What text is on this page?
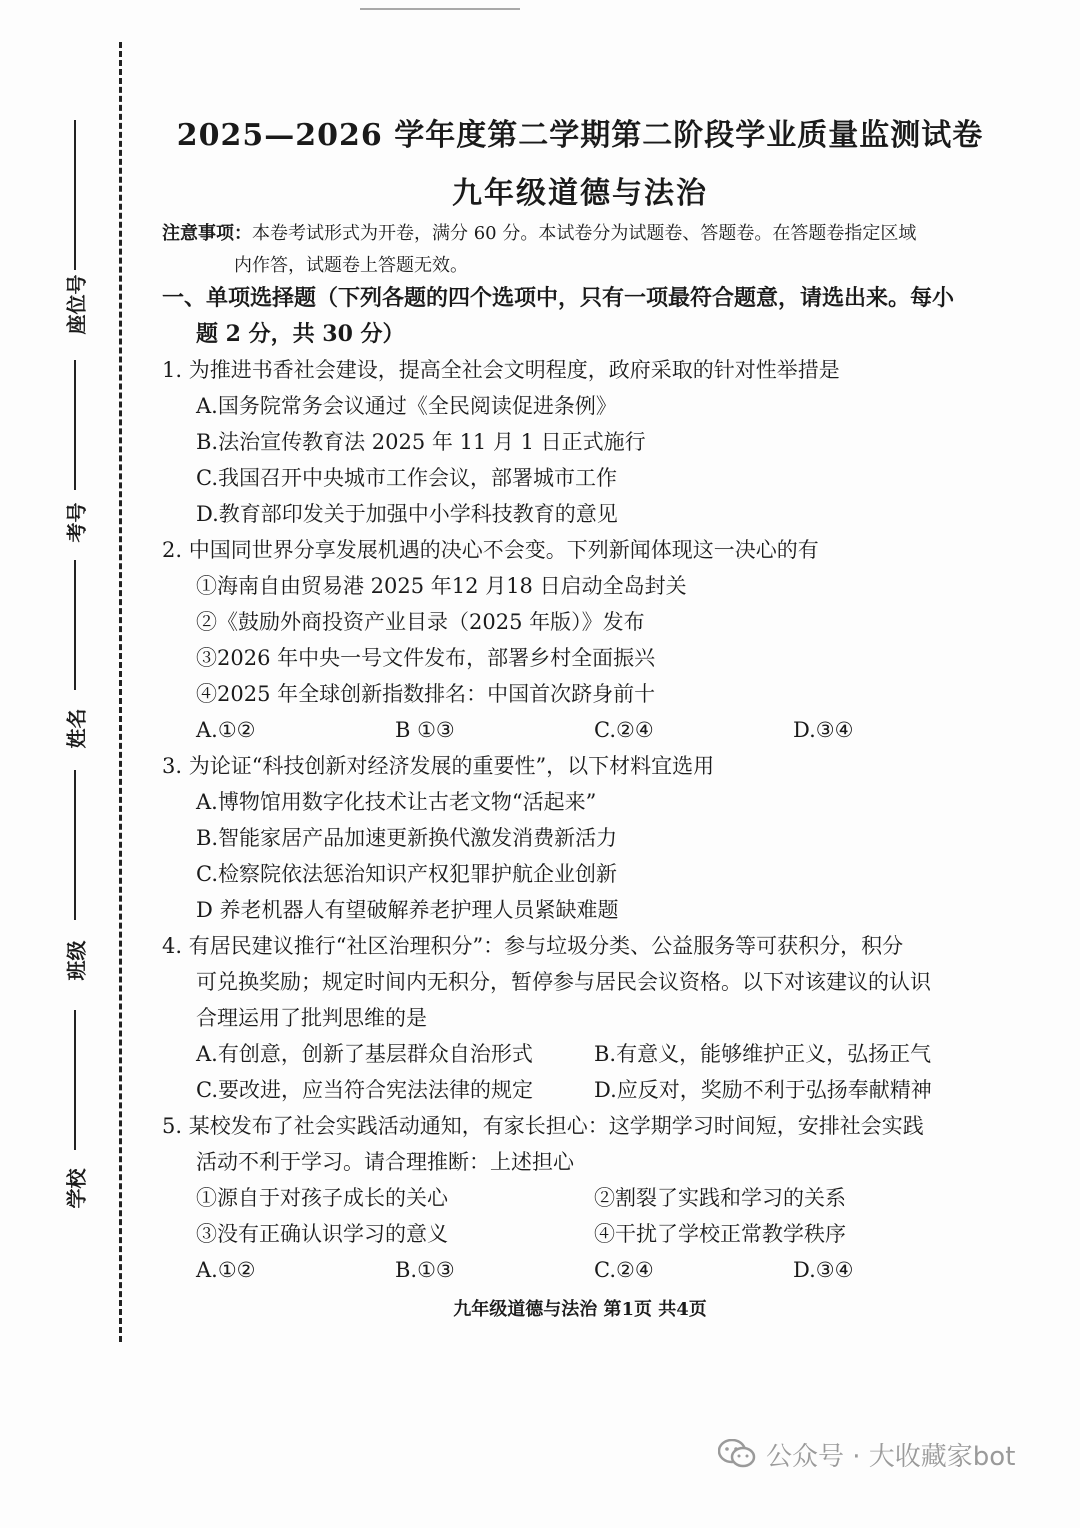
座位号
考号
姓名
班级
学校
2025—2026 学年度第二学期第二阶段学业质量监测试卷
九年级道德与法治
注意事项：本卷考试形式为开卷，满分 60 分。本试卷分为试题卷、答题卷。在答题卷指定区域
内作答，试题卷上答题无效。
一、单项选择题（下列各题的四个选项中，只有一项最符合题意，请选出来。每小
题 2 分，共 30 分）
1. 为推进书香社会建设，提高全社会文明程度，政府采取的针对性举措是
A.国务院常务会议通过《全民阅读促进条例》
B.法治宣传教育法 2025 年 11 月 1 日正式施行
C.我国召开中央城市工作会议，部署城市工作
D.教育部印发关于加强中小学科技教育的意见
2. 中国同世界分享发展机遇的决心不会变。下列新闻体现这一决心的有
①海南自由贸易港 2025 年12 月18 日启动全岛封关
②《鼓励外商投资产业目录（2025 年版）》发布
③2026 年中央一号文件发布，部署乡村全面振兴
④2025 年全球创新指数排名：中国首次跻身前十
A.①②	B ①③	C.②④	D.③④
3. 为论证“科技创新对经济发展的重要性”，以下材料宜选用
A.博物馆用数字化技术让古老文物“活起来”
B.智能家居产品加速更新换代激发消费新活力
C.检察院依法惩治知识产权犯罪护航企业创新
D 养老机器人有望破解养老护理人员紧缺难题
4. 有居民建议推行“社区治理积分”：参与垃圾分类、公益服务等可获积分，积分
可兑换奖励；规定时间内无积分，暂停参与居民会议资格。以下对该建议的认识
合理运用了批判思维的是
A.有创意，创新了基层群众自治形式	B.有意义，能够维护正义，弘扬正气
C.要改进，应当符合宪法法律的规定	D.应反对，奖励不利于弘扬奉献精神
5. 某校发布了社会实践活动通知，有家长担心：这学期学习时间短，安排社会实践
活动不利于学习。请合理推断：上述担心
①源自于对孩子成长的关心	②割裂了实践和学习的关系
③没有正确认识学习的意义	④干扰了学校正常教学秩序
A.①②	B.①③	C.②④	D.③④
九年级道德与法治 第1页 共4页
公众号 · 大收藏家bot
